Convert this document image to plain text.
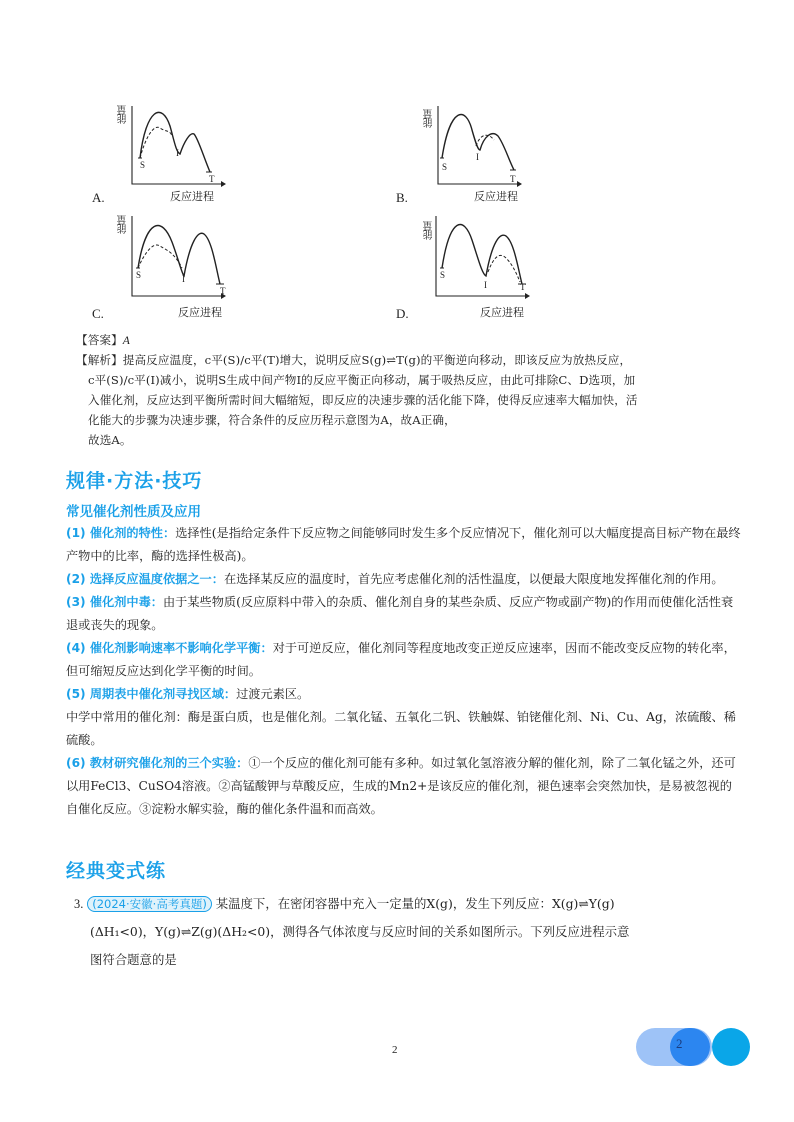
能量
S
I
T
反应进程
A.
能量
S
I
T
反应进程
B.
能量
S	I
T
反应进程
C.
能量
S
I	T
反应进程
D.
【答案】A
【解析】提高反应温度，c平(S)/c平(T)增大，说明反应S(g)⇌T(g)的平衡逆向移动，即该反应为放热反应，
c平(S)/c平(I)减小，说明S生成中间产物I的反应平衡正向移动，属于吸热反应，由此可排除C、D选项，加
入催化剂，反应达到平衡所需时间大幅缩短，即反应的决速步骤的活化能下降，使得反应速率大幅加快，活
化能大的步骤为决速步骤，符合条件的反应历程示意图为A，故A正确，
故选A。
规律·方法·技巧
常见催化剂性质及应用
(1) 催化剂的特性：选择性(是指给定条件下反应物之间能够同时发生多个反应情况下，催化剂可以大幅度提高目标产物在最终产物中的比率，酶的选择性极高)。
(2) 选择反应温度依据之一：在选择某反应的温度时，首先应考虑催化剂的活性温度，以便最大限度地发挥催化剂的作用。
(3) 催化剂中毒：由于某些物质(反应原料中带入的杂质、催化剂自身的某些杂质、反应产物或副产物)的作用而使催化活性衰退或丧失的现象。
(4) 催化剂影响速率不影响化学平衡：对于可逆反应，催化剂同等程度地改变正逆反应速率，因而不能改变反应物的转化率，但可缩短反应达到化学平衡的时间。
(5) 周期表中催化剂寻找区域：过渡元素区。
中学中常用的催化剂：酶是蛋白质，也是催化剂。二氧化锰、五氧化二钒、铁触媒、铂铑催化剂、Ni、Cu、Ag，浓硫酸、稀硫酸。
(6) 教材研究催化剂的三个实验：①一个反应的催化剂可能有多种。如过氧化氢溶液分解的催化剂，除了二氧化锰之外，还可以用FeCl3、CuSO4溶液。②高锰酸钾与草酸反应，生成的Mn2+是该反应的催化剂，褪色速率会突然加快，是易被忽视的自催化反应。③淀粉水解实验，酶的催化条件温和而高效。
经典变式练
3. (2024·安徽·高考真题) 某温度下，在密闭容器中充入一定量的X(g)，发生下列反应：X(g)⇌Y(g)
(ΔH₁<0)，Y(g)⇌Z(g)(ΔH₂<0)，测得各气体浓度与反应时间的关系如图所示。下列反应进程示意
图符合题意的是
2	2
